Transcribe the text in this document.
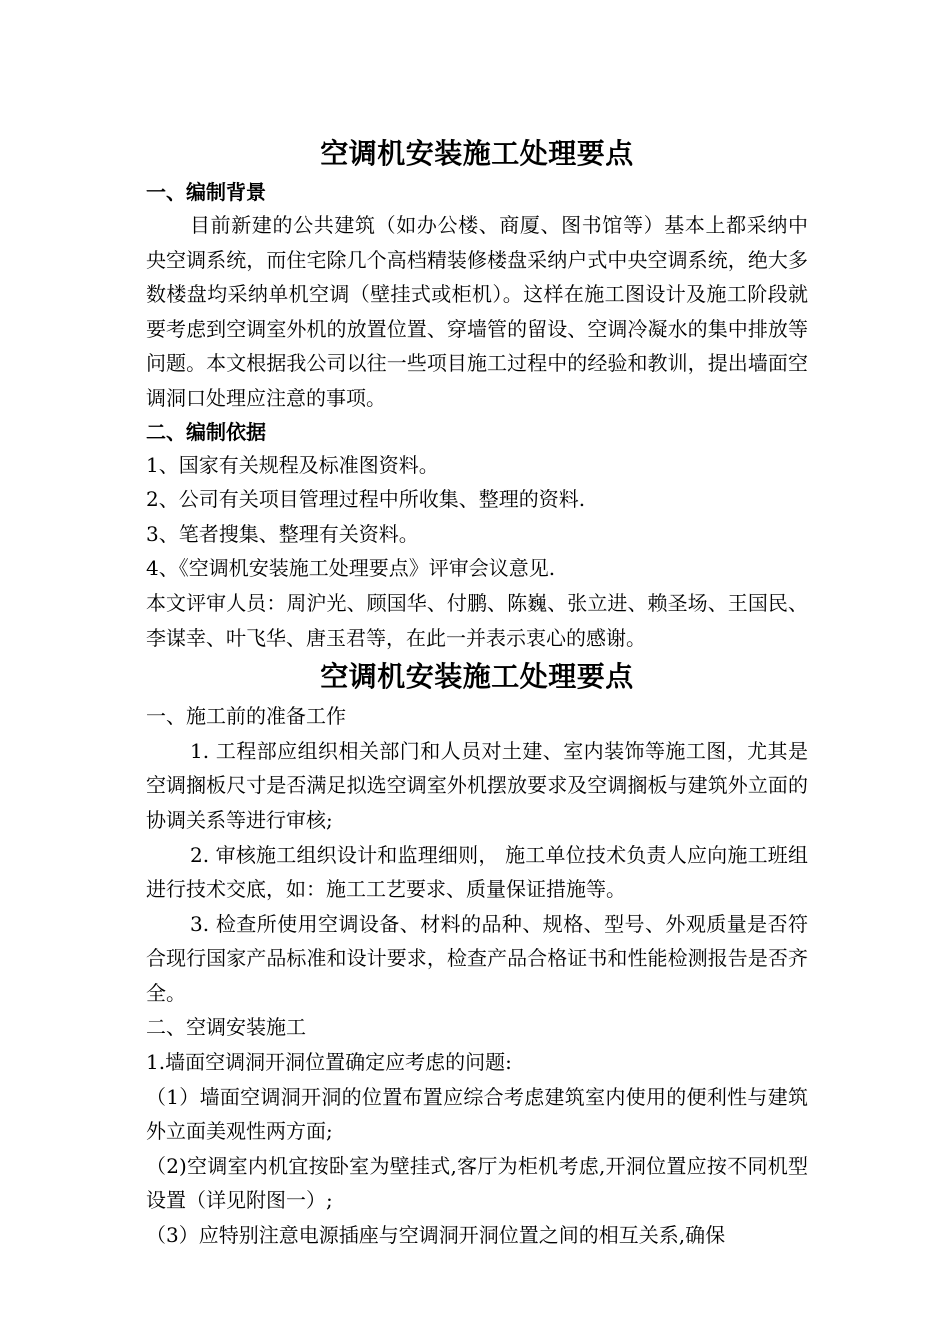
空调机安装施工处理要点

一、编制背景

目前新建的公共建筑（如办公楼、商厦、图书馆等）基本上都采纳中央空调系统，而住宅除几个高档精装修楼盘采纳户式中央空调系统，绝大多数楼盘均采纳单机空调（壁挂式或柜机）。这样在施工图设计及施工阶段就要考虑到空调室外机的放置位置、穿墙管的留设、空调冷凝水的集中排放等问题。本文根据我公司以往一些项目施工过程中的经验和教训，提出墙面空调洞口处理应注意的事项。

二、编制依据

1、国家有关规程及标准图资料。

2、公司有关项目管理过程中所收集、整理的资料.

3、笔者搜集、整理有关资料。

4、《空调机安装施工处理要点》评审会议意见.

本文评审人员：周沪光、顾国华、付鹏、陈巍、张立进、赖圣场、王国民、李谋幸、叶飞华、唐玉君等，在此一并表示衷心的感谢。

空调机安装施工处理要点

一、施工前的准备工作

1. 工程部应组织相关部门和人员对土建、室内装饰等施工图，尤其是空调搁板尺寸是否满足拟选空调室外机摆放要求及空调搁板与建筑外立面的协调关系等进行审核;

2. 审核施工组织设计和监理细则， 施工单位技术负责人应向施工班组进行技术交底，如：施工工艺要求、质量保证措施等。

3. 检查所使用空调设备、材料的品种、规格、型号、外观质量是否符合现行国家产品标准和设计要求，检查产品合格证书和性能检测报告是否齐全。

二、空调安装施工

1.墙面空调洞开洞位置确定应考虑的问题:

（1）墙面空调洞开洞的位置布置应综合考虑建筑室内使用的便利性与建筑外立面美观性两方面;

（2)空调室内机宜按卧室为壁挂式,客厅为柜机考虑,开洞位置应按不同机型设置（详见附图一）;

（3）应特别注意电源插座与空调洞开洞位置之间的相互关系,确保
